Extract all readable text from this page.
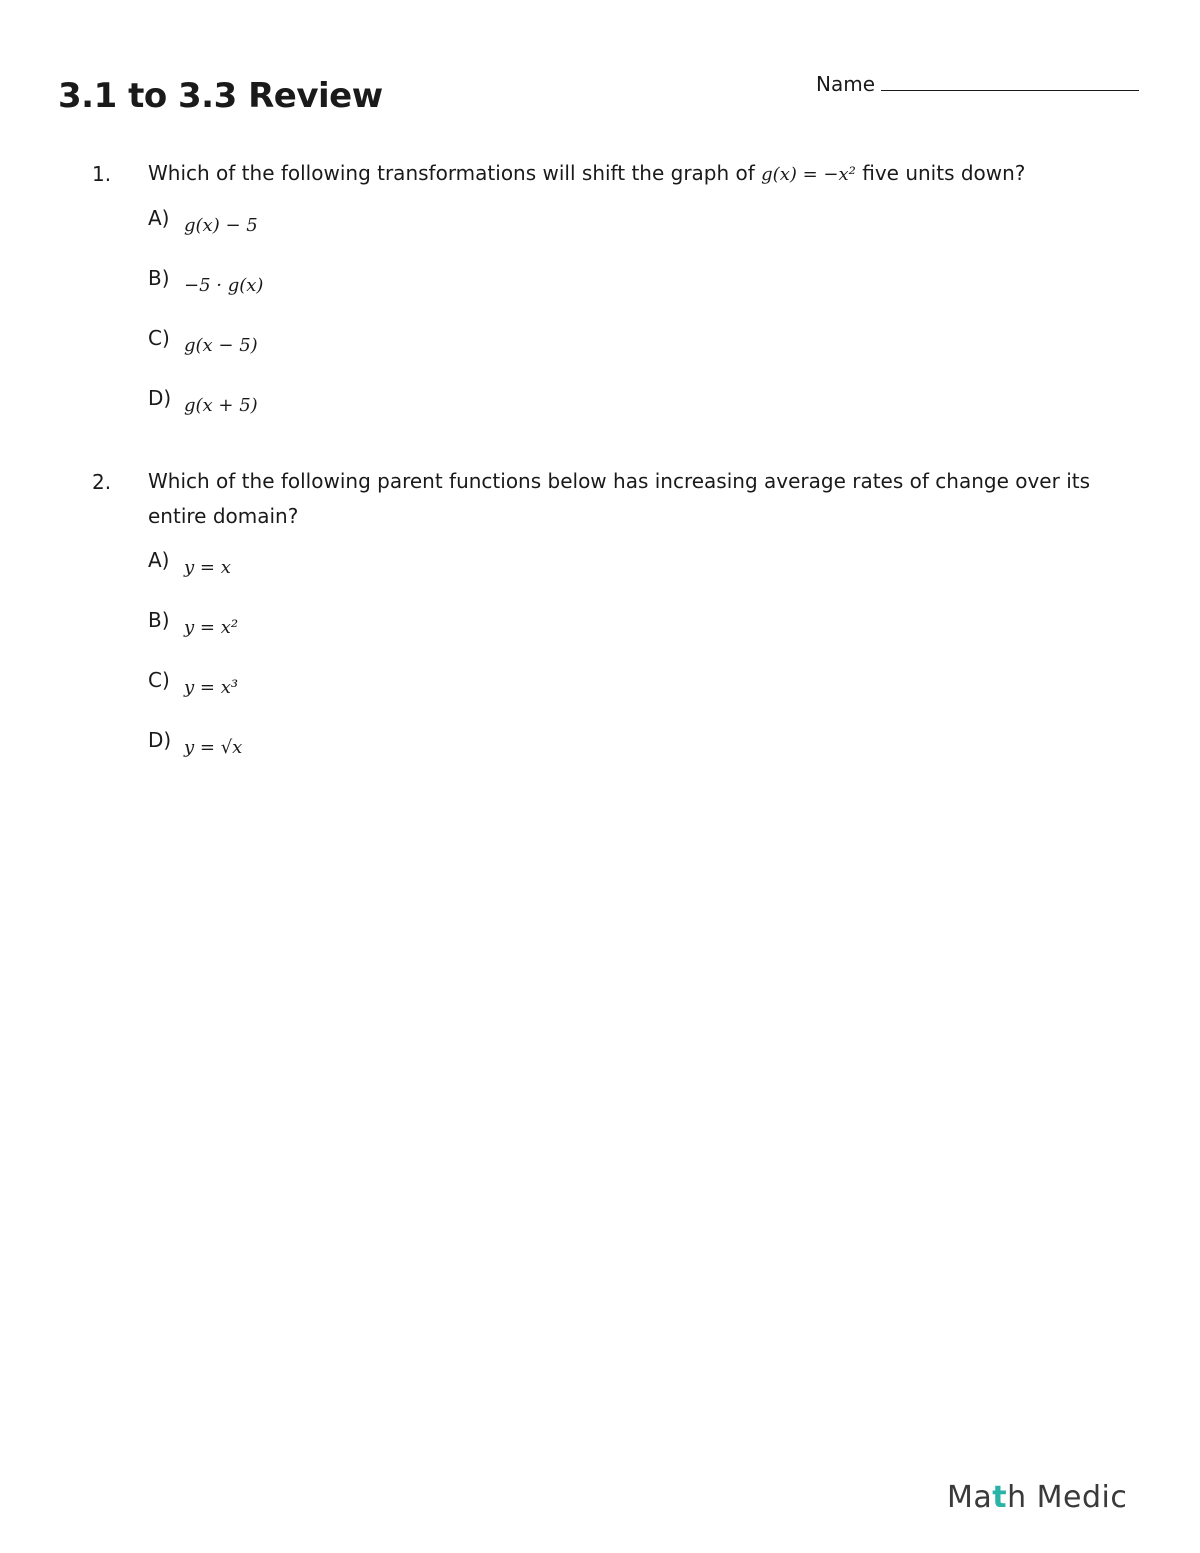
3.1 to 3.3 Review	Name
1. Which of the following transformations will shift the graph of g(x) = −x² five units down?
A) g(x) − 5
B) −5 · g(x)
C) g(x − 5)
D) g(x + 5)
2. Which of the following parent functions below has increasing average rates of change over its entire domain?
A) y = x
B) y = x²
C) y = x³
D) y = √x
Math Medic
